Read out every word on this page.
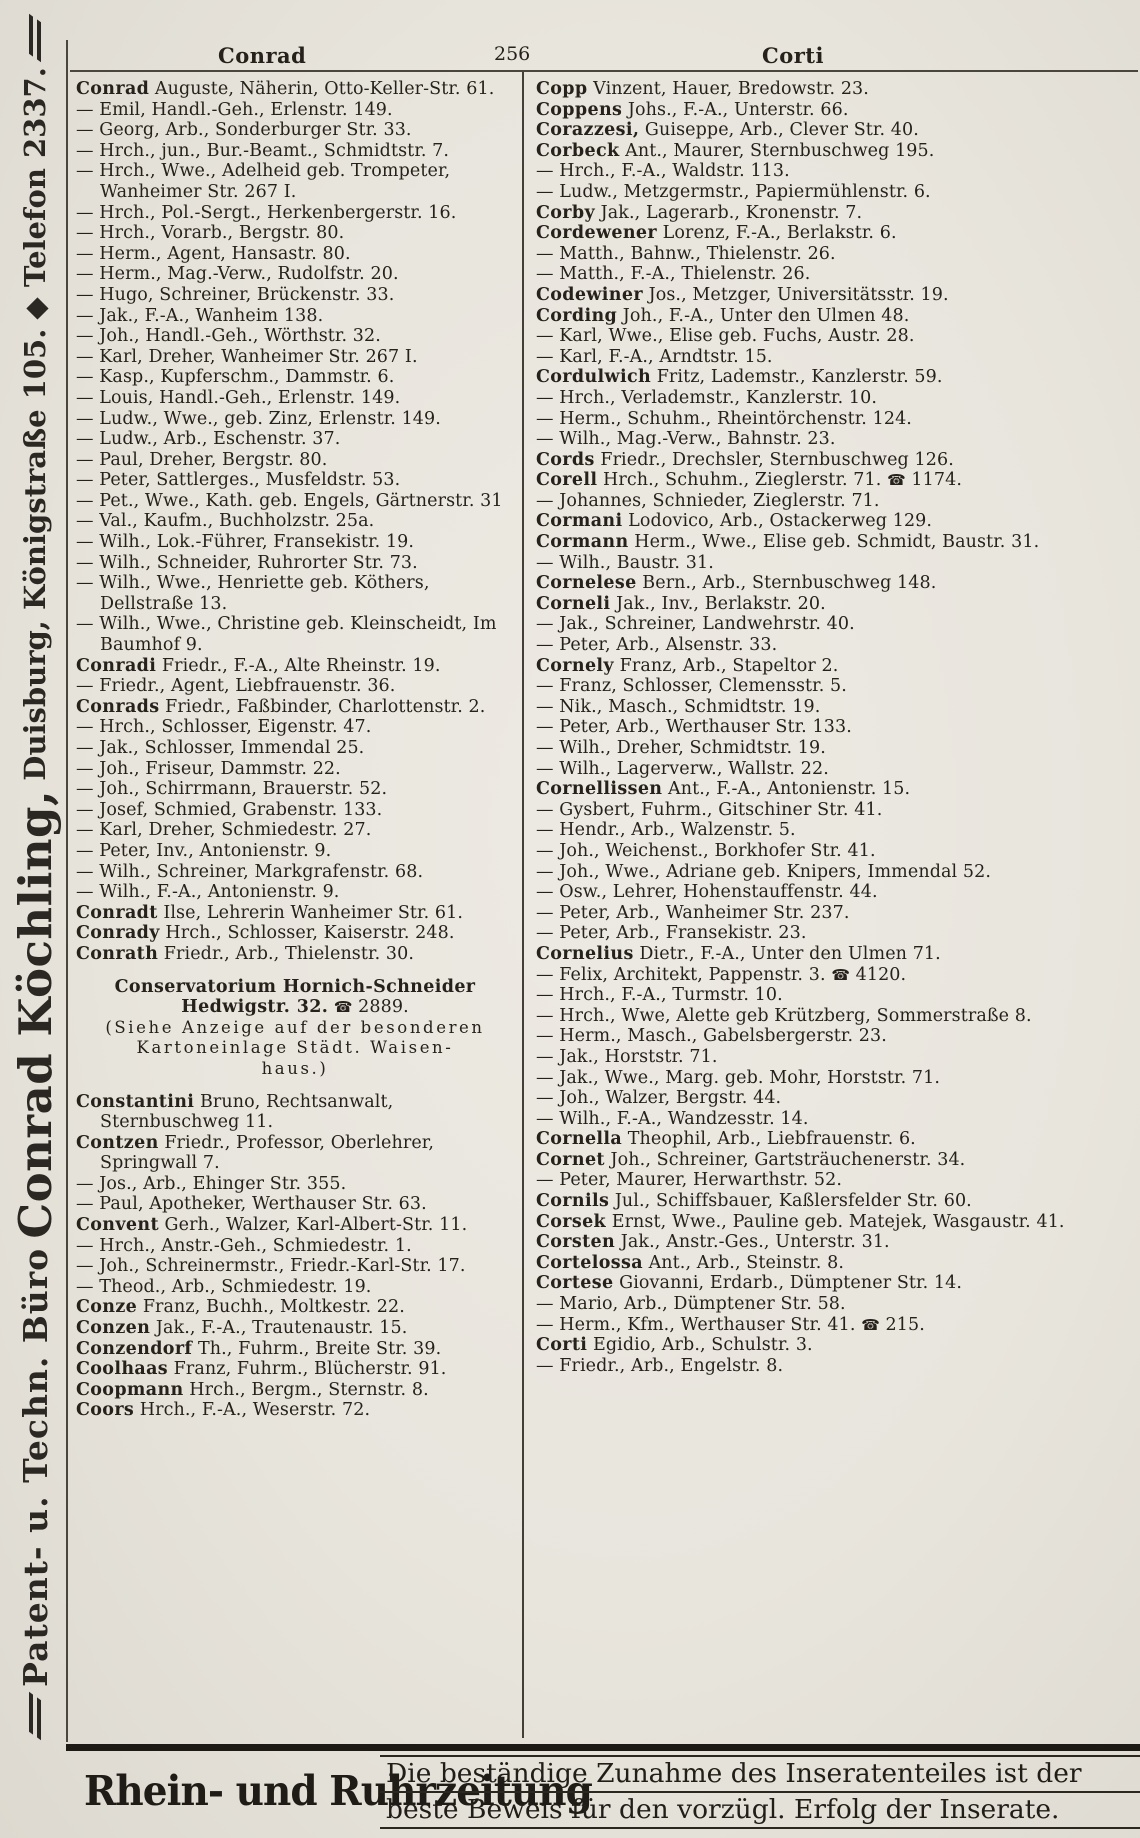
Patent- u. Techn. Büro
Conrad Köchling,
Duisburg, Königstraße 105.
◆ Telefon 2337.
Conrad	256	Corti

Conrad Auguste, Näherin, Otto-Keller-Str. 61.

— Emil, Handl.-Geh., Erlenstr. 149.

— Georg, Arb., Sonderburger Str. 33.

— Hrch., jun., Bur.-Beamt., Schmidtstr. 7.

— Hrch., Wwe., Adelheid geb. Trompeter, Wanheimer Str. 267 I.

— Hrch., Pol.-Sergt., Herkenbergerstr. 16.

— Hrch., Vorarb., Bergstr. 80.

— Herm., Agent, Hansastr. 80.

— Herm., Mag.-Verw., Rudolfstr. 20.

— Hugo, Schreiner, Brückenstr. 33.

— Jak., F.-A., Wanheim 138.

— Joh., Handl.-Geh., Wörthstr. 32.

— Karl, Dreher, Wanheimer Str. 267 I.

— Kasp., Kupferschm., Dammstr. 6.

— Louis, Handl.-Geh., Erlenstr. 149.

— Ludw., Wwe., geb. Zinz, Erlenstr. 149.

— Ludw., Arb., Eschenstr. 37.

— Paul, Dreher, Bergstr. 80.

— Peter, Sattlerges., Musfeldstr. 53.

— Pet., Wwe., Kath. geb. Engels, Gärtnerstr. 31

— Val., Kaufm., Buchholzstr. 25a.

— Wilh., Lok.-Führer, Fransekistr. 19.

— Wilh., Schneider, Ruhrorter Str. 73.

— Wilh., Wwe., Henriette geb. Köthers, Dellstraße 13.

— Wilh., Wwe., Christine geb. Kleinscheidt, Im Baumhof 9.

Conradi Friedr., F.-A., Alte Rheinstr. 19.

— Friedr., Agent, Liebfrauenstr. 36.

Conrads Friedr., Faßbinder, Charlottenstr. 2.

— Hrch., Schlosser, Eigenstr. 47.

— Jak., Schlosser, Immendal 25.

— Joh., Friseur, Dammstr. 22.

— Joh., Schirrmann, Brauerstr. 52.

— Josef, Schmied, Grabenstr. 133.

— Karl, Dreher, Schmiedestr. 27.

— Peter, Inv., Antonienstr. 9.

— Wilh., Schreiner, Markgrafenstr. 68.

— Wilh., F.-A., Antonienstr. 9.

Conradt Ilse, Lehrerin Wanheimer Str. 61.

Conrady Hrch., Schlosser, Kaiserstr. 248.

Conrath Friedr., Arb., Thielenstr. 30.

Conservatorium Hornich-Schneider

Hedwigstr. 32. ☎ 2889.

(Siehe Anzeige auf der besonderen

Kartoneinlage Städt. Waisen-

haus.)

Constantini Bruno, Rechtsanwalt, Sternbuschweg 11.

Contzen Friedr., Professor, Oberlehrer, Springwall 7.

— Jos., Arb., Ehinger Str. 355.

— Paul, Apotheker, Werthauser Str. 63.

Convent Gerh., Walzer, Karl-Albert-Str. 11.

— Hrch., Anstr.-Geh., Schmiedestr. 1.

— Joh., Schreinermstr., Friedr.-Karl-Str. 17.

— Theod., Arb., Schmiedestr. 19.

Conze Franz, Buchh., Moltkestr. 22.

Conzen Jak., F.-A., Trautenaustr. 15.

Conzendorf Th., Fuhrm., Breite Str. 39.

Coolhaas Franz, Fuhrm., Blücherstr. 91.

Coopmann Hrch., Bergm., Sternstr. 8.

Coors Hrch., F.-A., Weserstr. 72.

Copp Vinzent, Hauer, Bredowstr. 23.

Coppens Johs., F.-A., Unterstr. 66.

Corazzesi, Guiseppe, Arb., Clever Str. 40.

Corbeck Ant., Maurer, Sternbuschweg 195.

— Hrch., F.-A., Waldstr. 113.

— Ludw., Metzgermstr., Papiermühlenstr. 6.

Corby Jak., Lagerarb., Kronenstr. 7.

Cordewener Lorenz, F.-A., Berlakstr. 6.

— Matth., Bahnw., Thielenstr. 26.

— Matth., F.-A., Thielenstr. 26.

Codewiner Jos., Metzger, Universitätsstr. 19.

Cording Joh., F.-A., Unter den Ulmen 48.

— Karl, Wwe., Elise geb. Fuchs, Austr. 28.

— Karl, F.-A., Arndtstr. 15.

Cordulwich Fritz, Lademstr., Kanzlerstr. 59.

— Hrch., Verlademstr., Kanzlerstr. 10.

— Herm., Schuhm., Rheintörchenstr. 124.

— Wilh., Mag.-Verw., Bahnstr. 23.

Cords Friedr., Drechsler, Sternbuschweg 126.

Corell Hrch., Schuhm., Zieglerstr. 71. ☎ 1174.

— Johannes, Schnieder, Zieglerstr. 71.

Cormani Lodovico, Arb., Ostackerweg 129.

Cormann Herm., Wwe., Elise geb. Schmidt, Baustr. 31.

— Wilh., Baustr. 31.

Cornelese Bern., Arb., Sternbuschweg 148.

Corneli Jak., Inv., Berlakstr. 20.

— Jak., Schreiner, Landwehrstr. 40.

— Peter, Arb., Alsenstr. 33.

Cornely Franz, Arb., Stapeltor 2.

— Franz, Schlosser, Clemensstr. 5.

— Nik., Masch., Schmidtstr. 19.

— Peter, Arb., Werthauser Str. 133.

— Wilh., Dreher, Schmidtstr. 19.

— Wilh., Lagerverw., Wallstr. 22.

Cornellissen Ant., F.-A., Antonienstr. 15.

— Gysbert, Fuhrm., Gitschiner Str. 41.

— Hendr., Arb., Walzenstr. 5.

— Joh., Weichenst., Borkhofer Str. 41.

— Joh., Wwe., Adriane geb. Knipers, Immendal 52.

— Osw., Lehrer, Hohenstauffenstr. 44.

— Peter, Arb., Wanheimer Str. 237.

— Peter, Arb., Fransekistr. 23.

Cornelius Dietr., F.-A., Unter den Ulmen 71.

— Felix, Architekt, Pappenstr. 3. ☎ 4120.

— Hrch., F.-A., Turmstr. 10.

— Hrch., Wwe, Alette geb Krützberg, Sommerstraße 8.

— Herm., Masch., Gabelsbergerstr. 23.

— Jak., Horststr. 71.

— Jak., Wwe., Marg. geb. Mohr, Horststr. 71.

— Joh., Walzer, Bergstr. 44.

— Wilh., F.-A., Wandzesstr. 14.

Cornella Theophil, Arb., Liebfrauenstr. 6.

Cornet Joh., Schreiner, Gartsträuchenerstr. 34.

— Peter, Maurer, Herwarthstr. 52.

Cornils Jul., Schiffsbauer, Kaßlersfelder Str. 60.

Corsek Ernst, Wwe., Pauline geb. Matejek, Wasgaustr. 41.

Corsten Jak., Anstr.-Ges., Unterstr. 31.

Cortelossa Ant., Arb., Steinstr. 8.

Cortese Giovanni, Erdarb., Dümptener Str. 14.

— Mario, Arb., Dümptener Str. 58.

— Herm., Kfm., Werthauser Str. 41. ☎ 215.

Corti Egidio, Arb., Schulstr. 3.

— Friedr., Arb., Engelstr. 8.

Rhein- und Ruhrzeitung
Die beständige Zunahme des Inseratenteiles ist der
beste Beweis für den vorzügl. Erfolg der Inserate.
